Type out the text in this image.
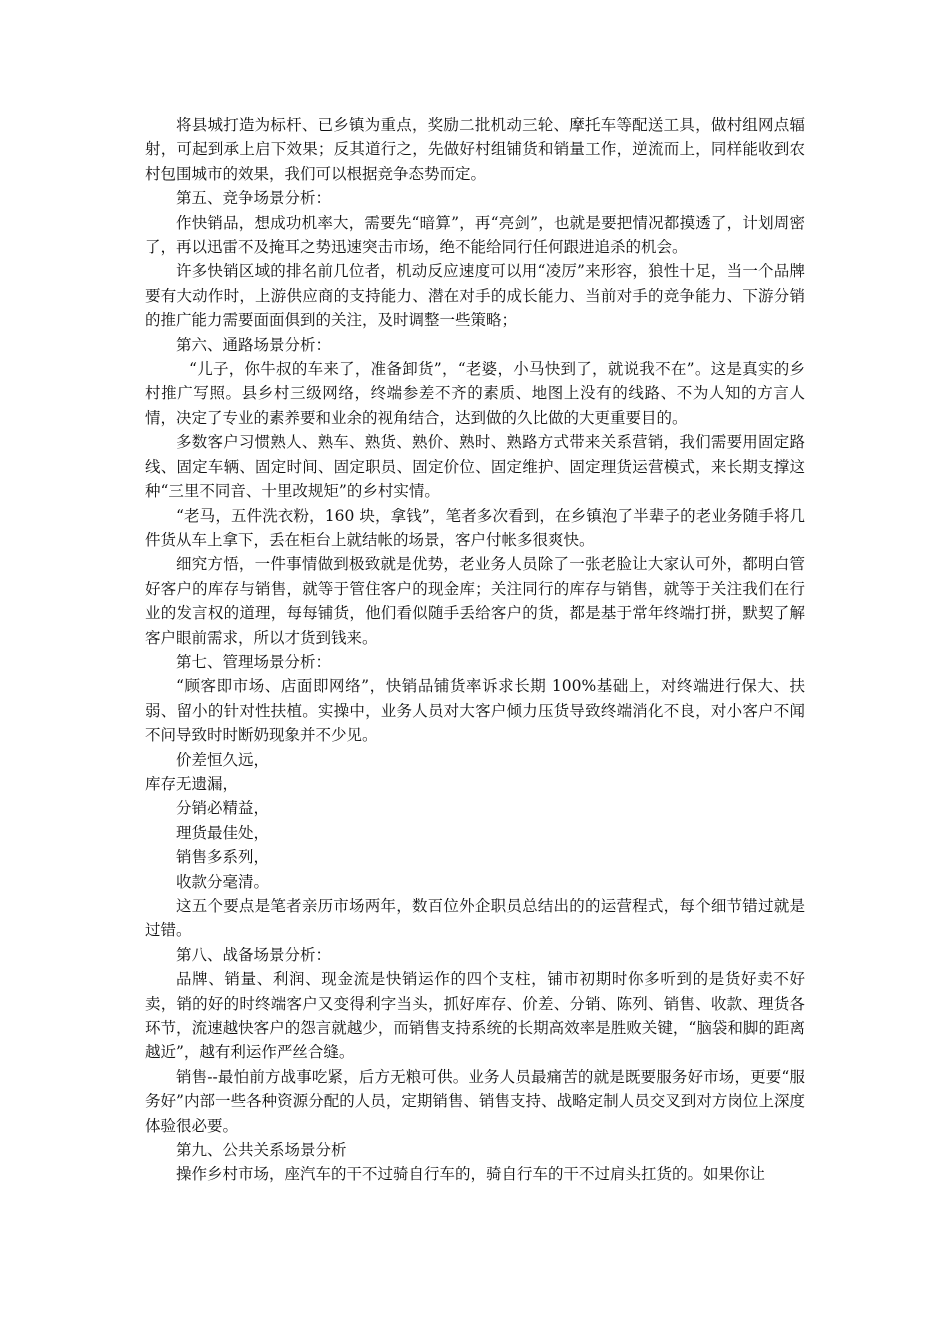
将县城打造为标杆、已乡镇为重点，奖励二批机动三轮、摩托车等配送工具，做村组网点辐射，可起到承上启下效果；反其道行之，先做好村组铺货和销量工作，逆流而上，同样能收到农村包围城市的效果，我们可以根据竞争态势而定。

第五、竞争场景分析：

作快销品，想成功机率大，需要先“暗算”，再“亮剑”，也就是要把情况都摸透了，计划周密了，再以迅雷不及掩耳之势迅速突击市场，绝不能给同行任何跟进追杀的机会。

许多快销区域的排名前几位者，机动反应速度可以用“凌厉”来形容，狼性十足，当一个品牌要有大动作时，上游供应商的支持能力、潜在对手的成长能力、当前对手的竞争能力、下游分销的推广能力需要面面俱到的关注，及时调整一些策略；

第六、通路场景分析：

“儿子，你牛叔的车来了，准备卸货”，“老婆，小马快到了，就说我不在”。这是真实的乡村推广写照。县乡村三级网络，终端参差不齐的素质、地图上没有的线路、不为人知的方言人情，决定了专业的素养要和业余的视角结合，达到做的久比做的大更重要目的。

多数客户习惯熟人、熟车、熟货、熟价、熟时、熟路方式带来关系营销，我们需要用固定路线、固定车辆、固定时间、固定职员、固定价位、固定维护、固定理货运营模式，来长期支撑这种“三里不同音、十里改规矩”的乡村实情。

“老马，五件洗衣粉，160 块，拿钱”，笔者多次看到，在乡镇泡了半辈子的老业务随手将几件货从车上拿下，丢在柜台上就结帐的场景，客户付帐多很爽快。

细究方悟，一件事情做到极致就是优势，老业务人员除了一张老脸让大家认可外，都明白管好客户的库存与销售，就等于管住客户的现金库；关注同行的库存与销售，就等于关注我们在行业的发言权的道理，每每铺货，他们看似随手丢给客户的货，都是基于常年终端打拼，默契了解客户眼前需求，所以才货到钱来。

第七、管理场景分析：

“顾客即市场、店面即网络”，快销品铺货率诉求长期 100%基础上，对终端进行保大、扶弱、留小的针对性扶植。实操中，业务人员对大客户倾力压货导致终端消化不良，对小客户不闻不问导致时时断奶现象并不少见。

价差恒久远，

库存无遗漏，

分销必精益，

理货最佳处，

销售多系列，

收款分毫清。

这五个要点是笔者亲历市场两年，数百位外企职员总结出的的运营程式，每个细节错过就是过错。

第八、战备场景分析：

品牌、销量、利润、现金流是快销运作的四个支柱，铺市初期时你多听到的是货好卖不好卖，销的好的时终端客户又变得利字当头，抓好库存、价差、分销、陈列、销售、收款、理货各环节，流速越快客户的怨言就越少，而销售支持系统的长期高效率是胜败关键，“脑袋和脚的距离越近”，越有利运作严丝合缝。

销售--最怕前方战事吃紧，后方无粮可供。业务人员最痛苦的就是既要服务好市场，更要“服务好”内部一些各种资源分配的人员，定期销售、销售支持、战略定制人员交叉到对方岗位上深度体验很必要。

第九、公共关系场景分析

操作乡村市场，座汽车的干不过骑自行车的，骑自行车的干不过肩头扛货的。如果你让
